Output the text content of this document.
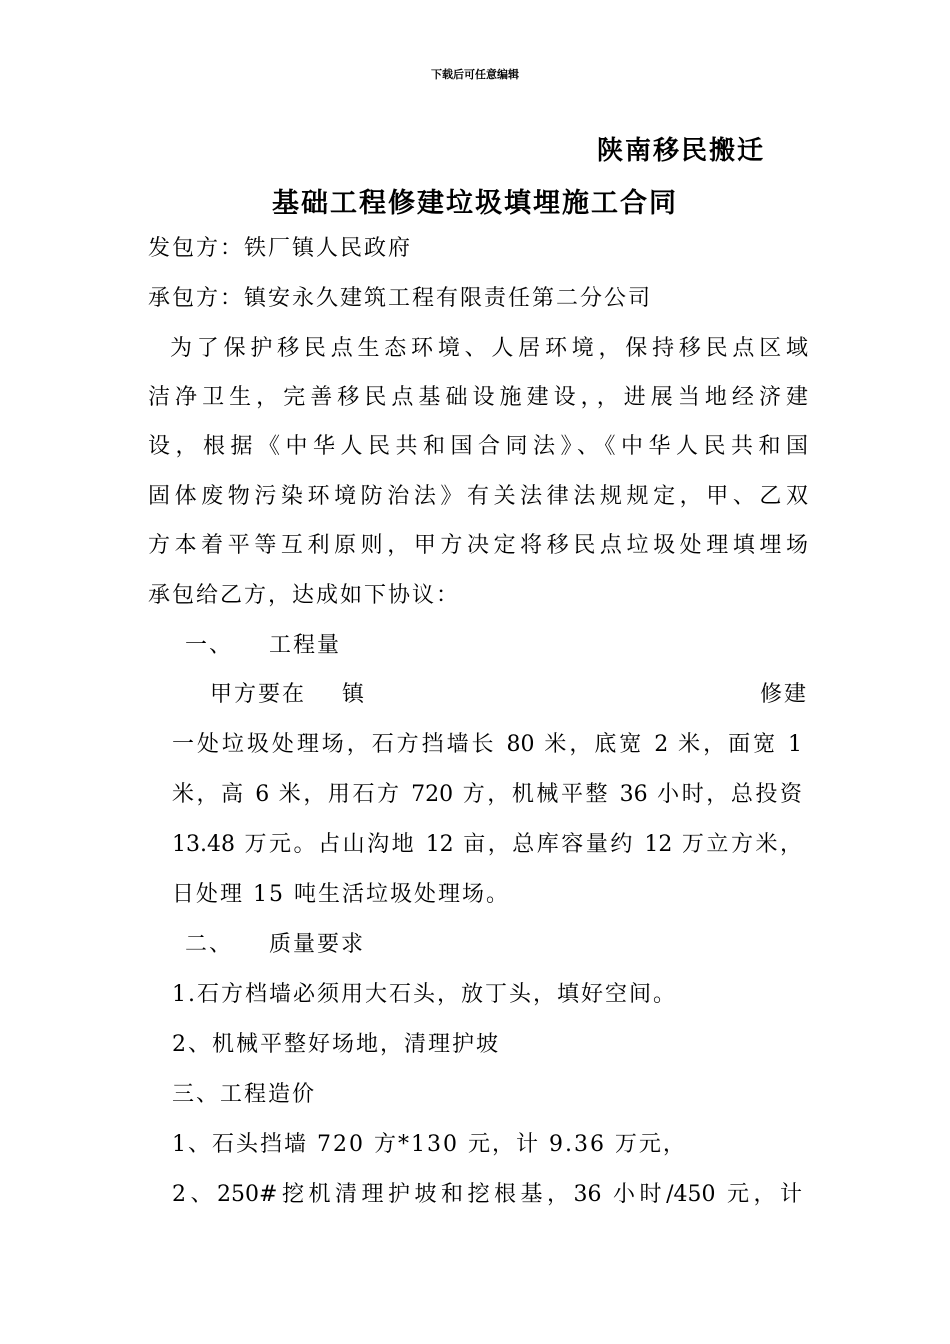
下载后可任意编辑
陕南移民搬迁
基础工程修建垃圾填埋施工合同
发包方：铁厂镇人民政府
承包方：镇安永久建筑工程有限责任第二分公司
为了保护移民点生态环境、人居环境，保持移民点区域
洁净卫生，完善移民点基础设施建设，，进展当地经济建
设，根据《中华人民共和国合同法》、《中华人民共和国
固体废物污染环境防治法》有关法律法规规定，甲、乙双
方本着平等互利原则，甲方决定将移民点垃圾处理填埋场
承包给乙方，达成如下协议：
一、 工程量
甲方要在    镇	修建
一处垃圾处理场，石方挡墙长 80 米，底宽 2 米，面宽 1
米，高 6 米，用石方 720 方，机械平整 36 小时，总投资
13.48 万元。占山沟地 12 亩，总库容量约 12 万立方米，
日处理 15 吨生活垃圾处理场。
二、 质量要求
1.石方档墙必须用大石头，放丁头，填好空间。
2、机械平整好场地，清理护坡
三、工程造价
1、石头挡墙 720 方*130 元，计 9.36 万元，
2、250#挖机清理护坡和挖根基，36 小时/450 元，计
